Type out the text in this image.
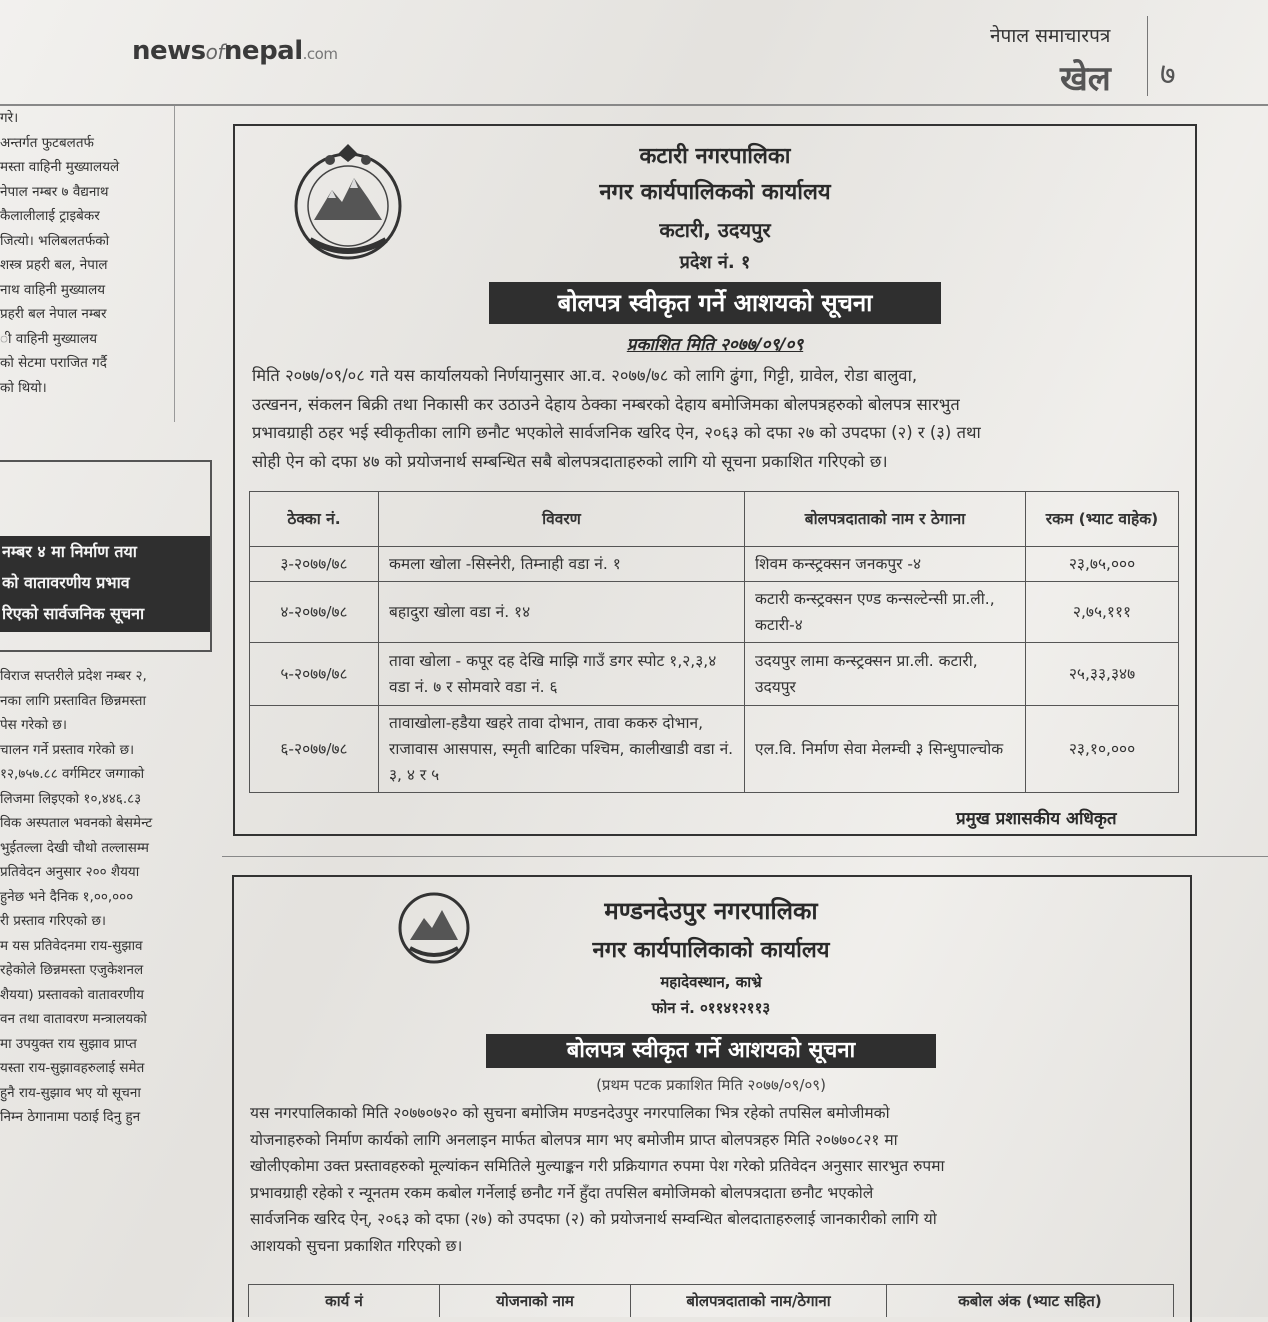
newsofnepal.com
नेपाल समाचारपत्र
खेल ७

गरे।

अन्तर्गत फुटबलतर्फ

मस्ता वाहिनी मुख्यालयले

नेपाल नम्बर ७ वैद्यनाथ

कैलालीलाई ट्राइबेकर

जित्यो। भलिबलतर्फको

शस्त्र प्रहरी बल, नेपाल

नाथ वाहिनी मुख्यालय

प्रहरी बल नेपाल नम्बर

ी वाहिनी मुख्यालय

को सेटमा पराजित गर्दै

को थियो।

नम्बर ४ मा निर्माण तया
को वातावरणीय प्रभाव
रिएको सार्वजनिक सूचना

विराज सप्तरीले प्रदेश नम्बर २,

नका लागि प्रस्तावित छिन्नमस्ता

पेस गरेको छ।

चालन गर्ने प्रस्ताव गरेको छ।

१२,७५७.८८ वर्गमिटर जग्गाको

लिजमा लिइएको १०,४४६.८३

विक अस्पताल भवनको बेसमेन्ट

भुईतल्ला देखी चौथो तल्लासम्म

प्रतिवेदन अनुसार २०० शैयया

हुनेछ भने दैनिक १,००,०००

री प्रस्ताव गरिएको छ।

म यस प्रतिवेदनमा राय-सुझाव

रहेकोले छिन्नमस्ता एजुकेशनल

शैयया) प्रस्तावको वातावरणीय

वन तथा वातावरण मन्त्रालयको

मा उपयुक्त राय सुझाव प्राप्त

यस्ता राय-सुझावहरुलाई समेत

हुनै राय-सुझाव भए यो सूचना

निम्न ठेगानामा पठाई दिनु हुन

कटारी नगरपालिका
नगर कार्यपालिकको कार्यालय
कटारी, उदयपुर
प्रदेश नं. १
बोलपत्र स्वीकृत गर्ने आशयको सूचना
प्रकाशित मिति २०७७/०९/०९

मिति २०७७/०९/०८ गते यस कार्यालयको निर्णयानुसार आ.व. २०७७/७८ को लागि ढुंगा, गिट्टी, ग्रावेल, रोडा बालुवा,

उत्खनन, संकलन बिक्री तथा निकासी कर उठाउने देहाय ठेक्का नम्बरको देहाय बमोजिमका बोलपत्रहरुको बोलपत्र सारभुत

प्रभावग्राही ठहर भई स्वीकृतीका लागि छनौट भएकोले सार्वजनिक खरिद ऐन, २०६३ को दफा २७ को उपदफा (२) र (३) तथा

सोही ऐन को दफा ४७ को प्रयोजनार्थ सम्बन्धित सबै बोलपत्रदाताहरुको लागि यो सूचना प्रकाशित गरिएको छ।

ठेक्का नं.	विवरण	बोलपत्रदाताको नाम र ठेगाना	रकम (भ्याट वाहेक)
३-२०७७/७८	कमला खोला -सिस्नेरी, तिम्नाही वडा नं. १	शिवम कन्स्ट्रक्सन जनकपुर -४	२३,७५,०००
४-२०७७/७८	बहादुरा खोला वडा नं. १४	कटारी कन्स्ट्रक्सन एण्ड कन्सल्टेन्सी प्रा.ली., कटारी-४	२,७५,१११
५-२०७७/७८	तावा खोला - कपूर दह देखि माझि गाउँ डगर स्पोट १,२,३,४ वडा नं. ७ र सोमवारे वडा नं. ६	उदयपुर लामा कन्स्ट्रक्सन प्रा.ली. कटारी, उदयपुर	२५,३३,३४७
६-२०७७/७८	तावाखोला-हडैया खहरे तावा दोभान, तावा ककरु दोभान, राजावास आसपास, स्मृती बाटिका पश्चिम, कालीखाडी वडा नं. ३, ४ र ५	एल.वि. निर्माण सेवा मेलम्ची ३ सिन्धुपाल्चोक	२३,१०,०००
प्रमुख प्रशासकीय अधिकृत
मण्डनदेउपुर नगरपालिका
नगर कार्यपालिकाको कार्यालय
महादेवस्थान, काभ्रे
फोन नं. ०११४१२११३
बोलपत्र स्वीकृत गर्ने आशयको सूचना
(प्रथम पटक प्रकाशित मिति २०७७/०९/०९)

यस नगरपालिकाको मिति २०७७०७२० को सुचना बमोजिम मण्डनदेउपुर नगरपालिका भित्र रहेको तपसिल बमोजीमको

योजनाहरुको निर्माण कार्यको लागि अनलाइन मार्फत बोलपत्र माग भए बमोजीम प्राप्त बोलपत्रहरु मिति २०७७०८२१ मा

खोलीएकोमा उक्त प्रस्तावहरुको मूल्यांकन समितिले मुल्याङ्कन गरी प्रक्रियागत रुपमा पेश गरेको प्रतिवेदन अनुसार सारभुत रुपमा

प्रभावग्राही रहेको र न्यूनतम रकम कबोल गर्नेलाई छनौट गर्ने हुँदा तपसिल बमोजिमको बोलपत्रदाता छनौट भएकोले

सार्वजनिक खरिद ऐन्, २०६३ को दफा (२७) को उपदफा (२) को प्रयोजनार्थ सम्वन्धित बोलदाताहरुलाई जानकारीको लागि यो

आशयको सुचना प्रकाशित गरिएको छ।

कार्य नं	योजनाको नाम	बोलपत्रदाताको नाम/ठेगाना	कबोल अंक (भ्याट सहित)
